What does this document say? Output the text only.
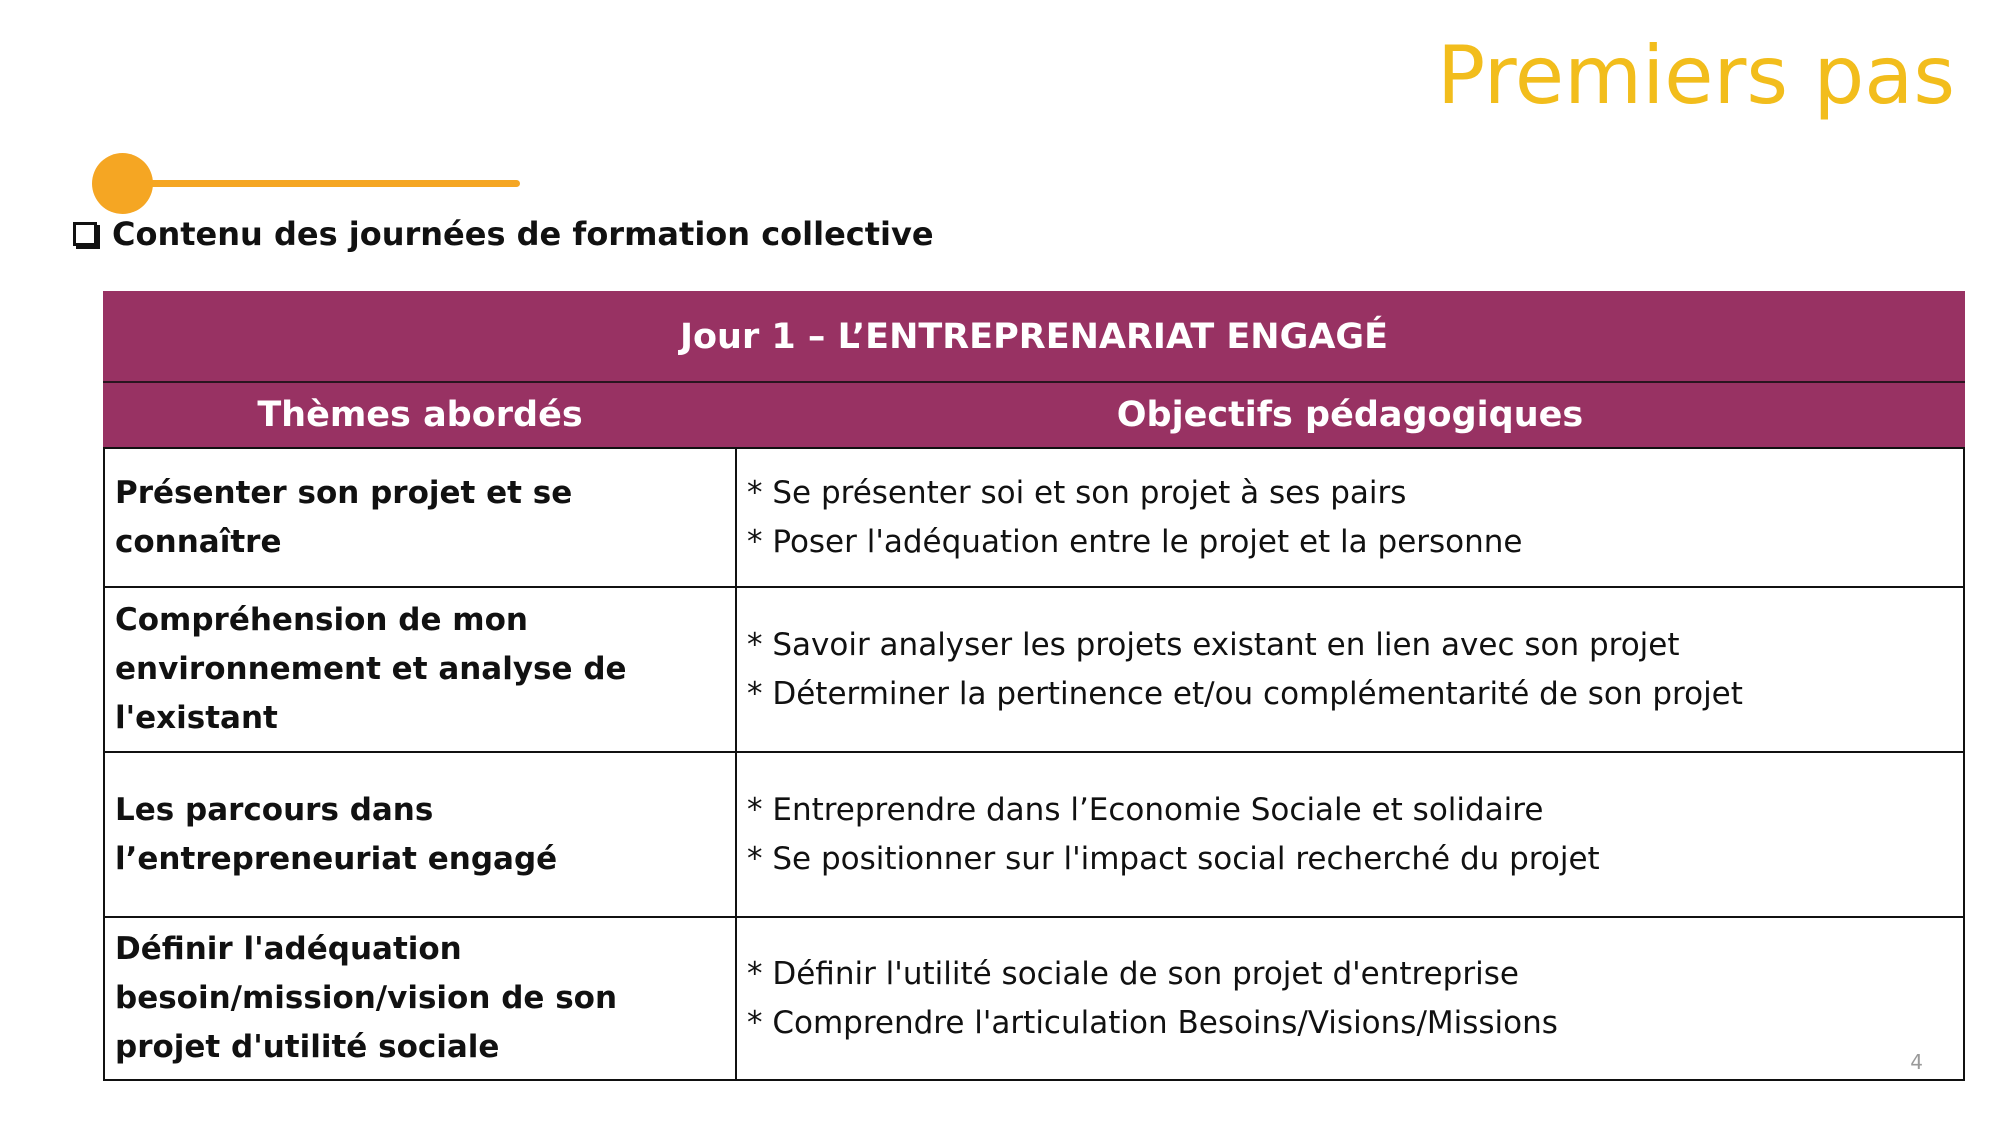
Premiers pas
Contenu des journées de formation collective
Jour 1 – L’ENTREPRENARIAT ENGAGÉ	
Thèmes abordés	Objectifs pédagogiques
Présenter son projet et se connaître	* Se présenter soi et son projet à ses pairs
* Poser l'adéquation entre le projet et la personne

Compréhension de mon environnement et analyse de l'existant	* Savoir analyser les projets existant en lien avec son projet
* Déterminer la pertinence et/ou complémentarité de son projet

Les parcours dans l’entrepreneuriat engagé	* Entreprendre dans l’Economie Sociale et solidaire
* Se positionner sur l'impact social recherché du projet

Définir l'adéquation besoin/mission/vision de son projet d'utilité sociale	* Définir l'utilité sociale de son projet d'entreprise
* Comprendre l'articulation Besoins/Visions/Missions
4
